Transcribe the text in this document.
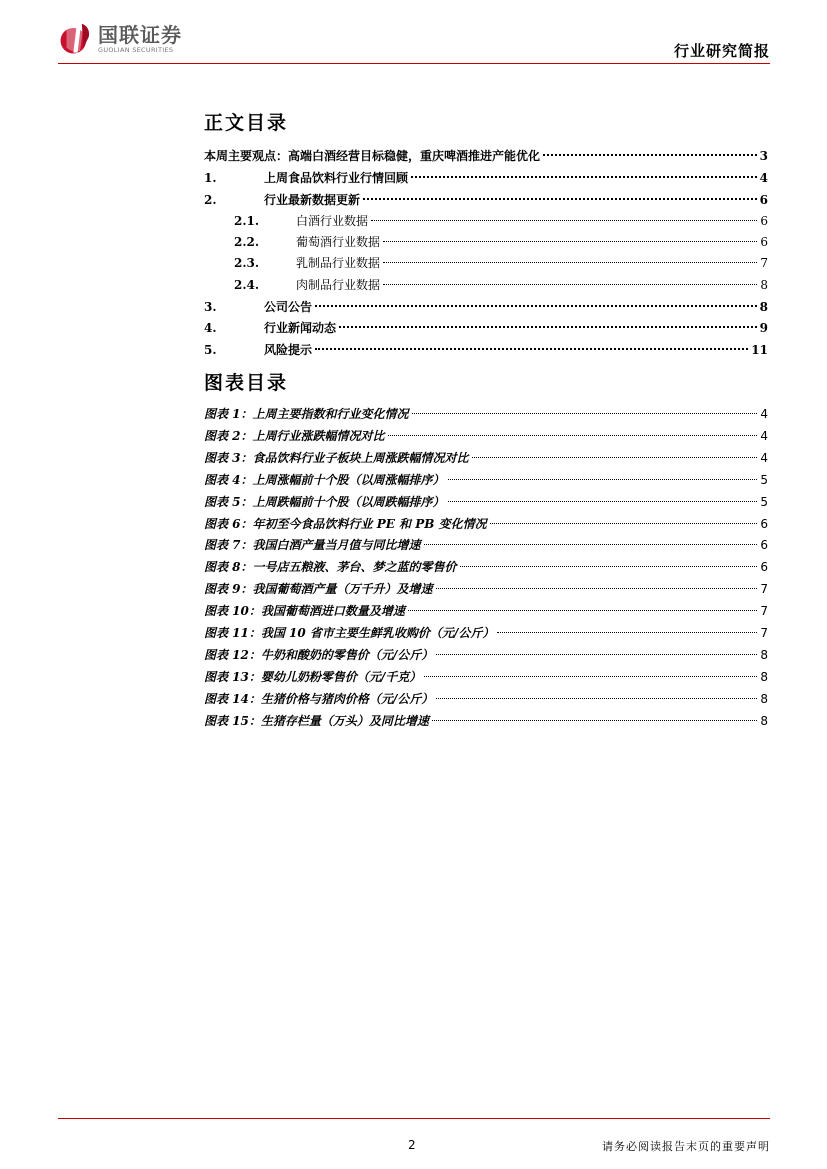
国联证券
GUOLIAN SECURITIES	行业研究简报
正文目录
本周主要观点：高端白酒经营目标稳健，重庆啤酒推进产能优化	3
1.	上周食品饮料行业行情回顾	4
2.	行业最新数据更新	6
2.1.	白酒行业数据	6
2.2.	葡萄酒行业数据	6
2.3.	乳制品行业数据	7
2.4.	肉制品行业数据	8
3.	公司公告	8
4.	行业新闻动态	9
5.	风险提示	11
图表目录
图表 1：上周主要指数和行业变化情况	4
图表 2：上周行业涨跌幅情况对比	4
图表 3：食品饮料行业子板块上周涨跌幅情况对比	4
图表 4：上周涨幅前十个股（以周涨幅排序）	5
图表 5：上周跌幅前十个股（以周跌幅排序）	5
图表 6：年初至今食品饮料行业 PE 和 PB 变化情况	6
图表 7：我国白酒产量当月值与同比增速	6
图表 8：一号店五粮液、茅台、梦之蓝的零售价	6
图表 9：我国葡萄酒产量（万千升）及增速	7
图表 10：我国葡萄酒进口数量及增速	7
图表 11：我国 10 省市主要生鲜乳收购价（元/公斤）	7
图表 12：牛奶和酸奶的零售价（元/公斤）	8
图表 13：婴幼儿奶粉零售价（元/千克）	8
图表 14：生猪价格与猪肉价格（元/公斤）	8
图表 15：生猪存栏量（万头）及同比增速	8
2	请务必阅读报告末页的重要声明
